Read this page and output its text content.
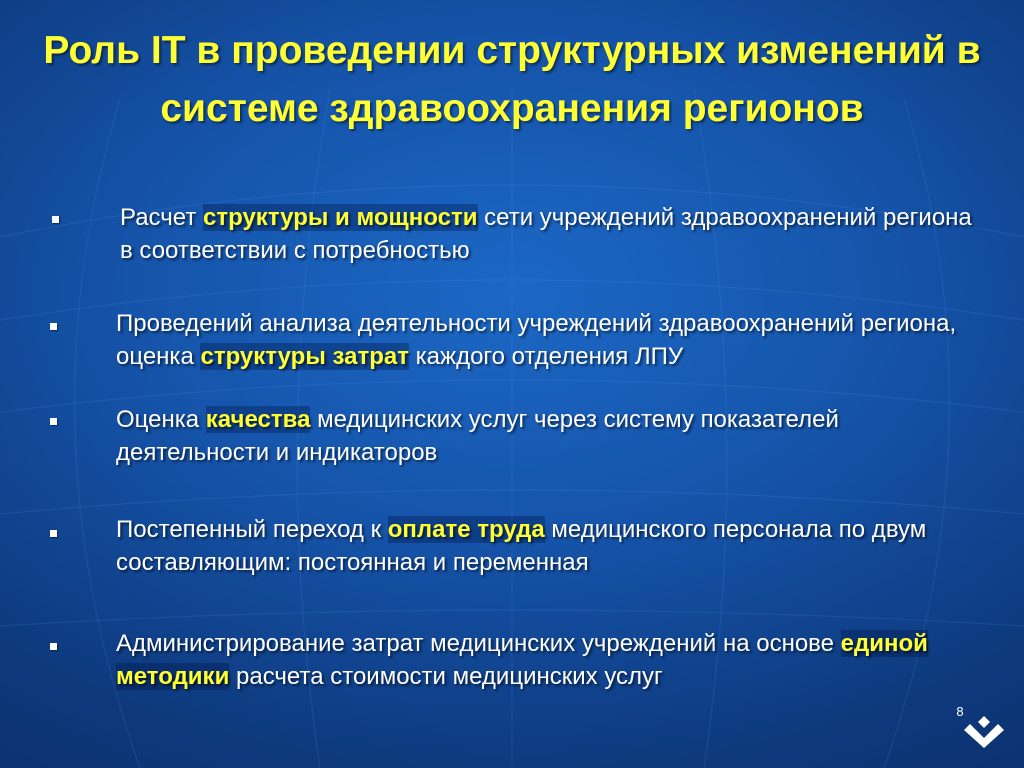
Роль IT в проведении структурных изменений в системе здравоохранения регионов
Расчет структуры и мощности сети учреждений здравоохранений региона в соответствии с потребностью
Проведений анализа деятельности учреждений здравоохранений региона, оценка структуры затрат каждого отделения ЛПУ
Оценка качества медицинских услуг через систему показателей деятельности и индикаторов
Постепенный переход к оплате труда медицинского персонала по двум составляющим: постоянная и переменная
Администрирование затрат медицинских учреждений на основе единой методики расчета стоимости медицинских услуг
8
